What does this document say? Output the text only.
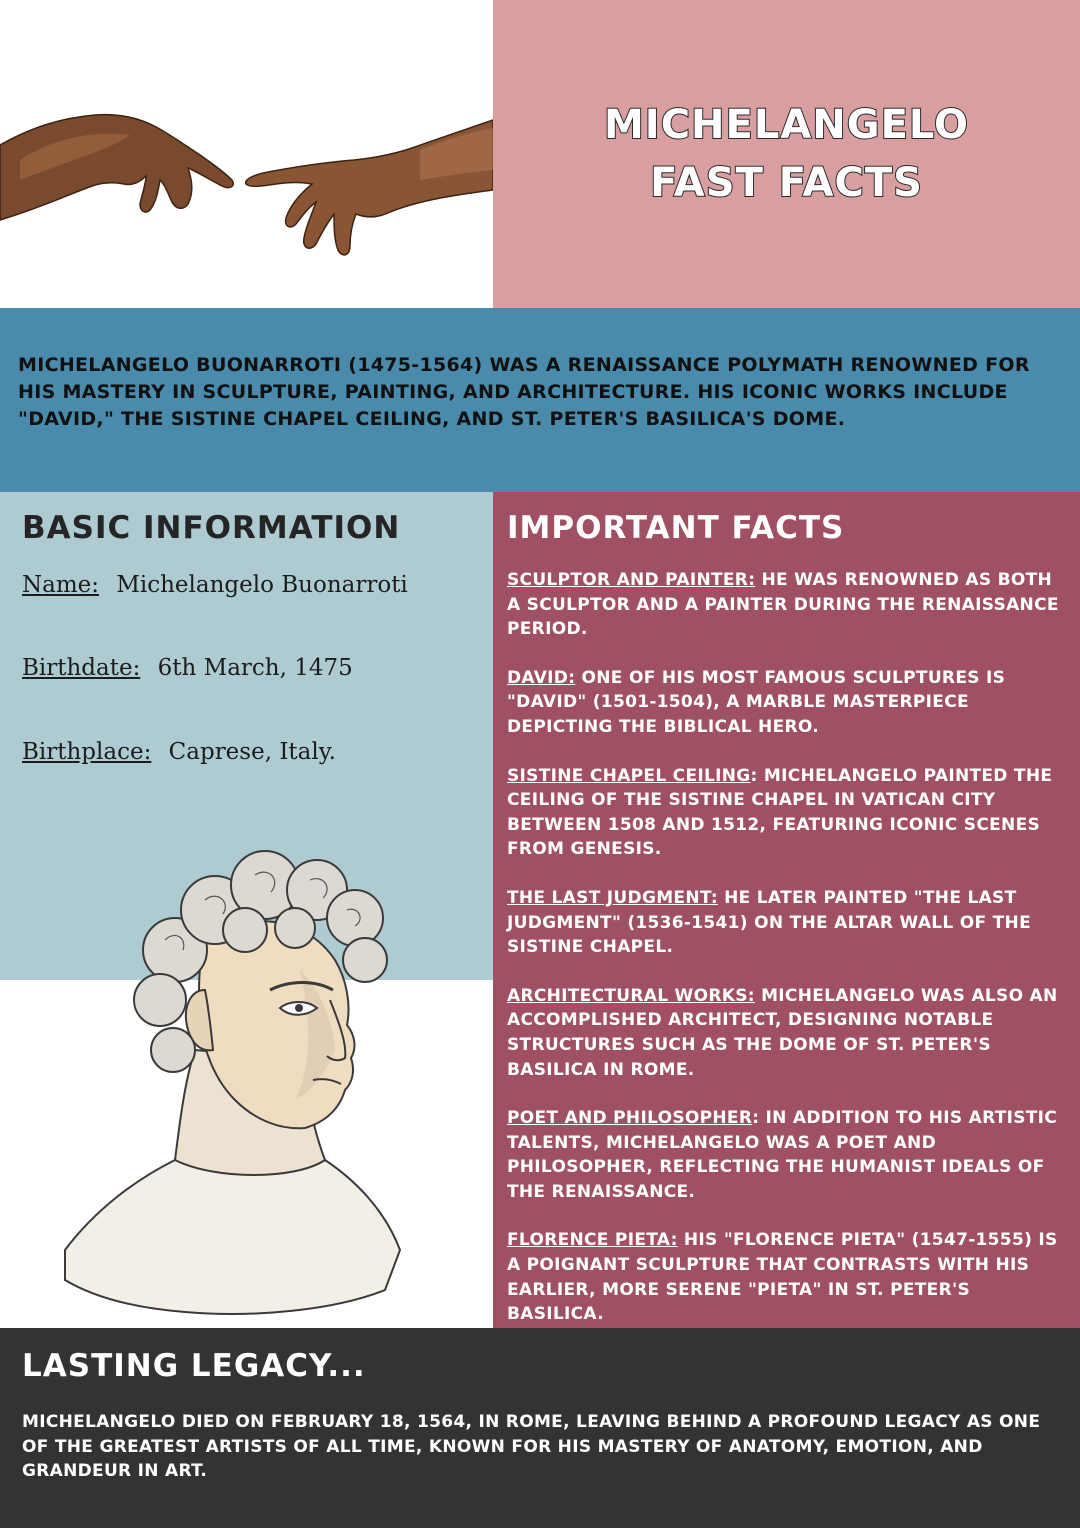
MICHELANGELO
FAST FACTS

MICHELANGELO BUONARROTI (1475-1564) WAS A RENAISSANCE POLYMATH RENOWNED FOR HIS MASTERY IN SCULPTURE, PAINTING, AND ARCHITECTURE. HIS ICONIC WORKS INCLUDE "DAVID," THE SISTINE CHAPEL CEILING, AND ST. PETER'S BASILICA'S DOME.

BASIC INFORMATION
Name: Michelangelo Buonarroti
Birthdate: 6th March, 1475
Birthplace: Caprese, Italy.
IMPORTANT FACTS
SCULPTOR AND PAINTER: HE WAS RENOWNED AS BOTH A SCULPTOR AND A PAINTER DURING THE RENAISSANCE PERIOD.
DAVID: ONE OF HIS MOST FAMOUS SCULPTURES IS "DAVID" (1501-1504), A MARBLE MASTERPIECE DEPICTING THE BIBLICAL HERO.
SISTINE CHAPEL CEILING: MICHELANGELO PAINTED THE CEILING OF THE SISTINE CHAPEL IN VATICAN CITY BETWEEN 1508 AND 1512, FEATURING ICONIC SCENES FROM GENESIS.
THE LAST JUDGMENT: HE LATER PAINTED "THE LAST JUDGMENT" (1536-1541) ON THE ALTAR WALL OF THE SISTINE CHAPEL.
ARCHITECTURAL WORKS: MICHELANGELO WAS ALSO AN ACCOMPLISHED ARCHITECT, DESIGNING NOTABLE STRUCTURES SUCH AS THE DOME OF ST. PETER'S BASILICA IN ROME.
POET AND PHILOSOPHER: IN ADDITION TO HIS ARTISTIC TALENTS, MICHELANGELO WAS A POET AND PHILOSOPHER, REFLECTING THE HUMANIST IDEALS OF THE RENAISSANCE.
FLORENCE PIETA: HIS "FLORENCE PIETA" (1547-1555) IS A POIGNANT SCULPTURE THAT CONTRASTS WITH HIS EARLIER, MORE SERENE "PIETA" IN ST. PETER'S BASILICA.
LASTING LEGACY...

MICHELANGELO DIED ON FEBRUARY 18, 1564, IN ROME, LEAVING BEHIND A PROFOUND LEGACY AS ONE OF THE GREATEST ARTISTS OF ALL TIME, KNOWN FOR HIS MASTERY OF ANATOMY, EMOTION, AND GRANDEUR IN ART.
